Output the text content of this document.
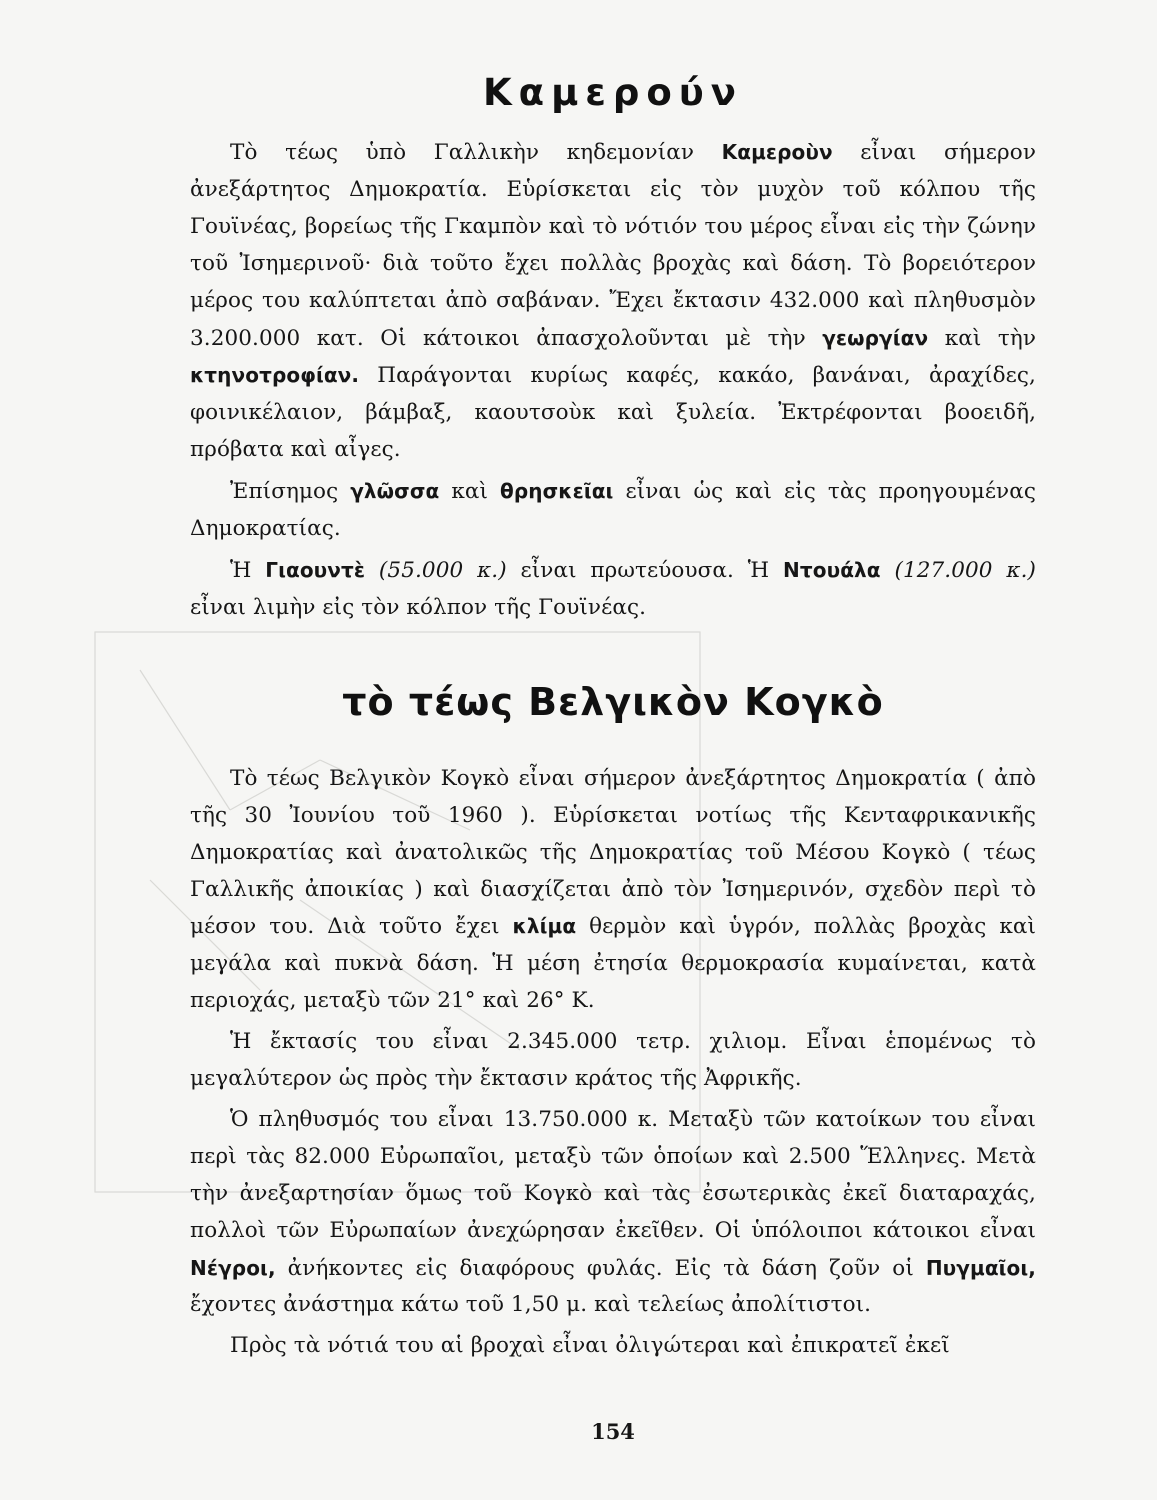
Καμερούν

Τὸ τέως ὑπὸ Γαλλικὴν κηδεμονίαν Καμεροὺν εἶναι σήμερον ἀνεξάρτητος Δημοκρατία. Εὑρίσκεται εἰς τὸν μυχὸν τοῦ κόλπου τῆς Γουϊνέας, βορείως τῆς Γκαμπὸν καὶ τὸ νότιόν του μέρος εἶναι εἰς τὴν ζώνην τοῦ Ἰσημερινοῦ· διὰ τοῦτο ἔχει πολλὰς βροχὰς καὶ δάση. Τὸ βορειότερον μέρος του καλύπτεται ἀπὸ σαβάναν. Ἔχει ἔκτασιν 432.000 καὶ πληθυσμὸν 3.200.000 κατ. Οἱ κάτοικοι ἀπασχολοῦνται μὲ τὴν γεωργίαν καὶ τὴν κτηνοτροφίαν. Παράγονται κυρίως καφές, κακάο, βανάναι, ἀραχίδες, φοινικέλαιον, βάμβαξ, καουτσοὺκ καὶ ξυλεία. Ἐκτρέφονται βοοειδῆ, πρόβατα καὶ αἶγες.

Ἐπίσημος γλῶσσα καὶ θρησκεῖαι εἶναι ὡς καὶ εἰς τὰς προηγουμένας Δημοκρατίας.

Ἡ Γιαουντὲ (55.000 κ.) εἶναι πρωτεύουσα. Ἡ Ντουάλα (127.000 κ.) εἶναι λιμὴν εἰς τὸν κόλπον τῆς Γουϊνέας.

τὸ τέως Βελγικὸν Κογκὸ

Τὸ τέως Βελγικὸν Κογκὸ εἶναι σήμερον ἀνεξάρτητος Δημοκρατία ( ἀπὸ τῆς 30 Ἰουνίου τοῦ 1960 ). Εὑρίσκεται νοτίως τῆς Κενταφρικανικῆς Δημοκρατίας καὶ ἀνατολικῶς τῆς Δημοκρατίας τοῦ Μέσου Κογκὸ ( τέως Γαλλικῆς ἀποικίας ) καὶ διασχίζεται ἀπὸ τὸν Ἰσημερινόν, σχεδὸν περὶ τὸ μέσον του. Διὰ τοῦτο ἔχει κλίμα θερμὸν καὶ ὑγρόν, πολλὰς βροχὰς καὶ μεγάλα καὶ πυκνὰ δάση. Ἡ μέση ἐτησία θερμοκρασία κυμαίνεται, κατὰ περιοχάς, μεταξὺ τῶν 21° καὶ 26° Κ.

Ἡ ἔκτασίς του εἶναι 2.345.000 τετρ. χιλιομ. Εἶναι ἑπομένως τὸ μεγαλύτερον ὡς πρὸς τὴν ἔκτασιν κράτος τῆς Ἀφρικῆς.

Ὁ πληθυσμός του εἶναι 13.750.000 κ. Μεταξὺ τῶν κατοίκων του εἶναι περὶ τὰς 82.000 Εὐρωπαῖοι, μεταξὺ τῶν ὁποίων καὶ 2.500 Ἕλληνες. Μετὰ τὴν ἀνεξαρτησίαν ὅμως τοῦ Κογκὸ καὶ τὰς ἐσωτερικὰς ἐκεῖ διαταραχάς, πολλοὶ τῶν Εὐρωπαίων ἀνεχώρησαν ἐκεῖθεν. Οἱ ὑπόλοιποι κάτοικοι εἶναι Νέγροι, ἀνήκοντες εἰς διαφόρους φυλάς. Εἰς τὰ δάση ζοῦν οἱ Πυγμαῖοι, ἔχοντες ἀνάστημα κάτω τοῦ 1,50 μ. καὶ τελείως ἀπολίτιστοι.

Πρὸς τὰ νότιά του αἱ βροχαὶ εἶναι ὀλιγώτεραι καὶ ἐπικρατεῖ ἐκεῖ

154
